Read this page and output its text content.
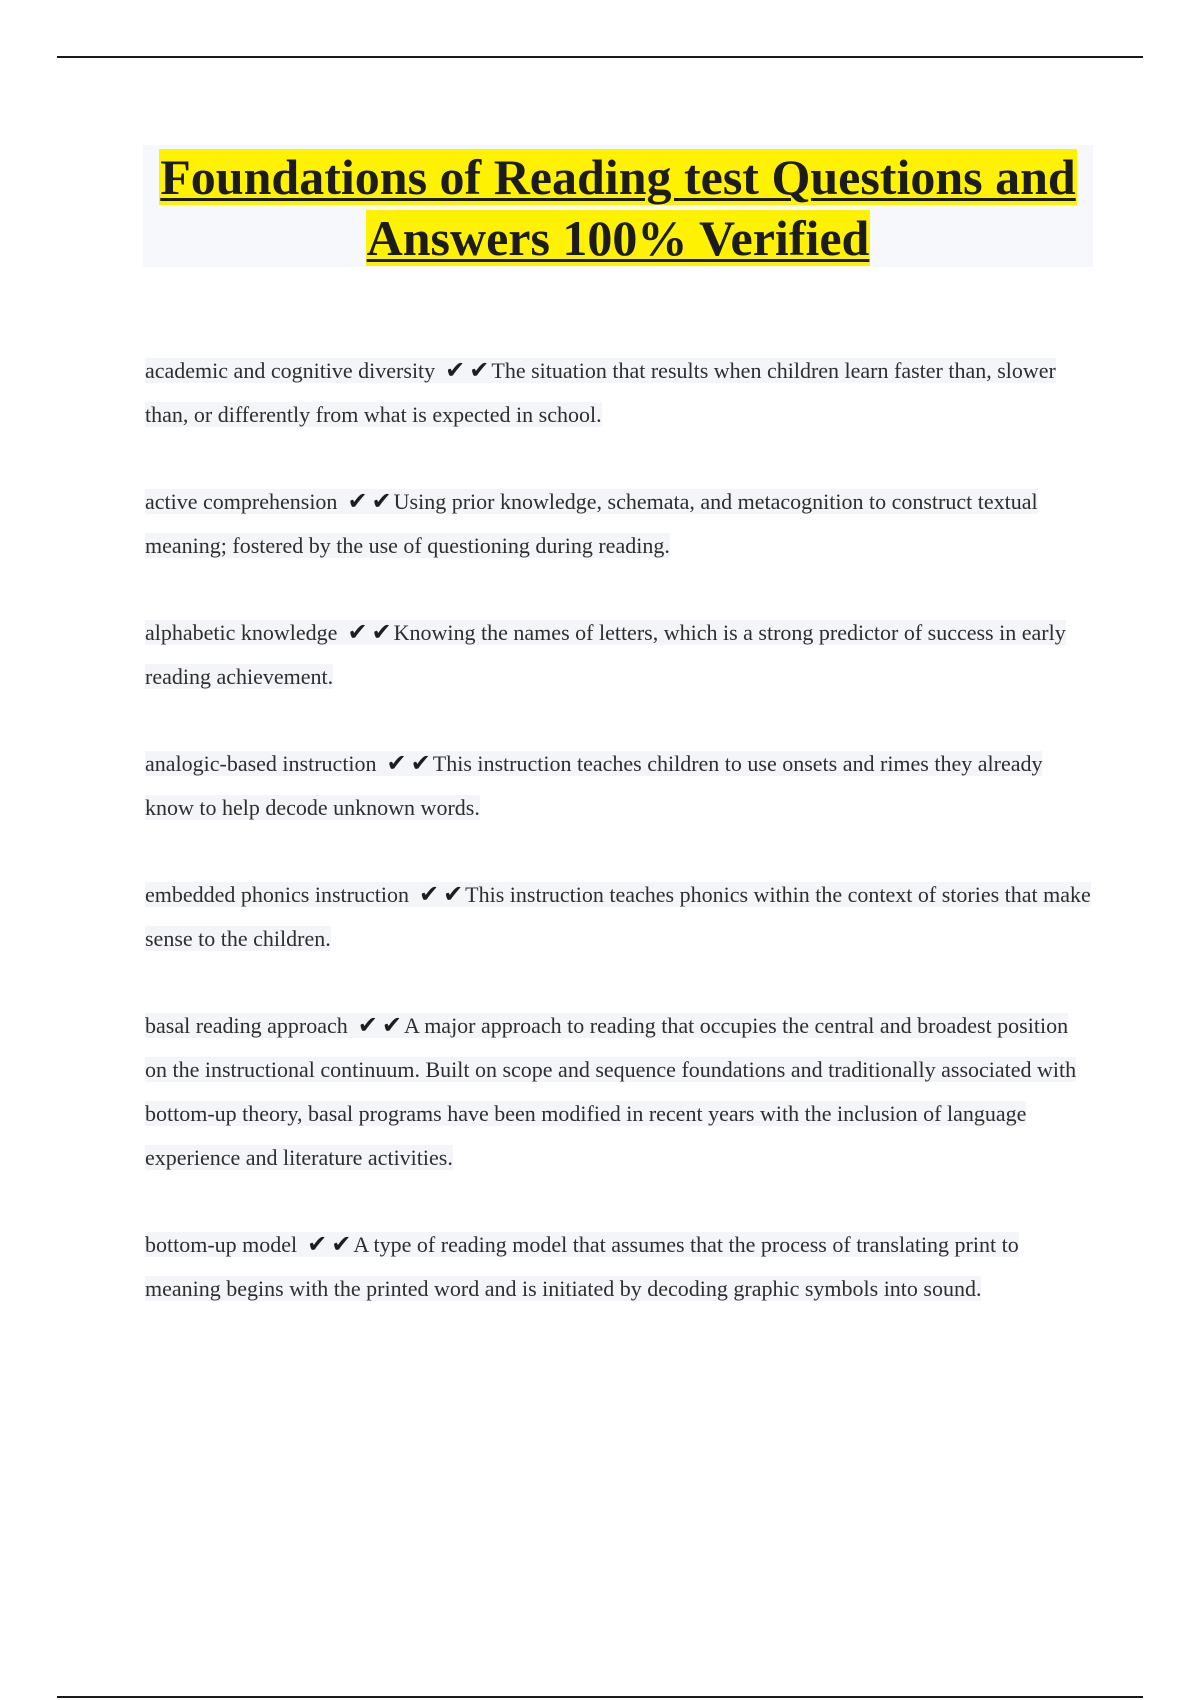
Foundations of Reading test Questions and Answers 100% Verified

academic and cognitive diversity ✔ ✔The situation that results when children learn faster than, slower than, or differently from what is expected in school.

active comprehension ✔ ✔Using prior knowledge, schemata, and metacognition to construct textual meaning; fostered by the use of questioning during reading.

alphabetic knowledge ✔ ✔Knowing the names of letters, which is a strong predictor of success in early reading achievement.

analogic-based instruction ✔ ✔This instruction teaches children to use onsets and rimes they already know to help decode unknown words.

embedded phonics instruction ✔ ✔This instruction teaches phonics within the context of stories that make sense to the children.

basal reading approach ✔ ✔A major approach to reading that occupies the central and broadest position on the instructional continuum. Built on scope and sequence foundations and traditionally associated with bottom-up theory, basal programs have been modified in recent years with the inclusion of language experience and literature activities.

bottom-up model ✔ ✔A type of reading model that assumes that the process of translating print to meaning begins with the printed word and is initiated by decoding graphic symbols into sound.
